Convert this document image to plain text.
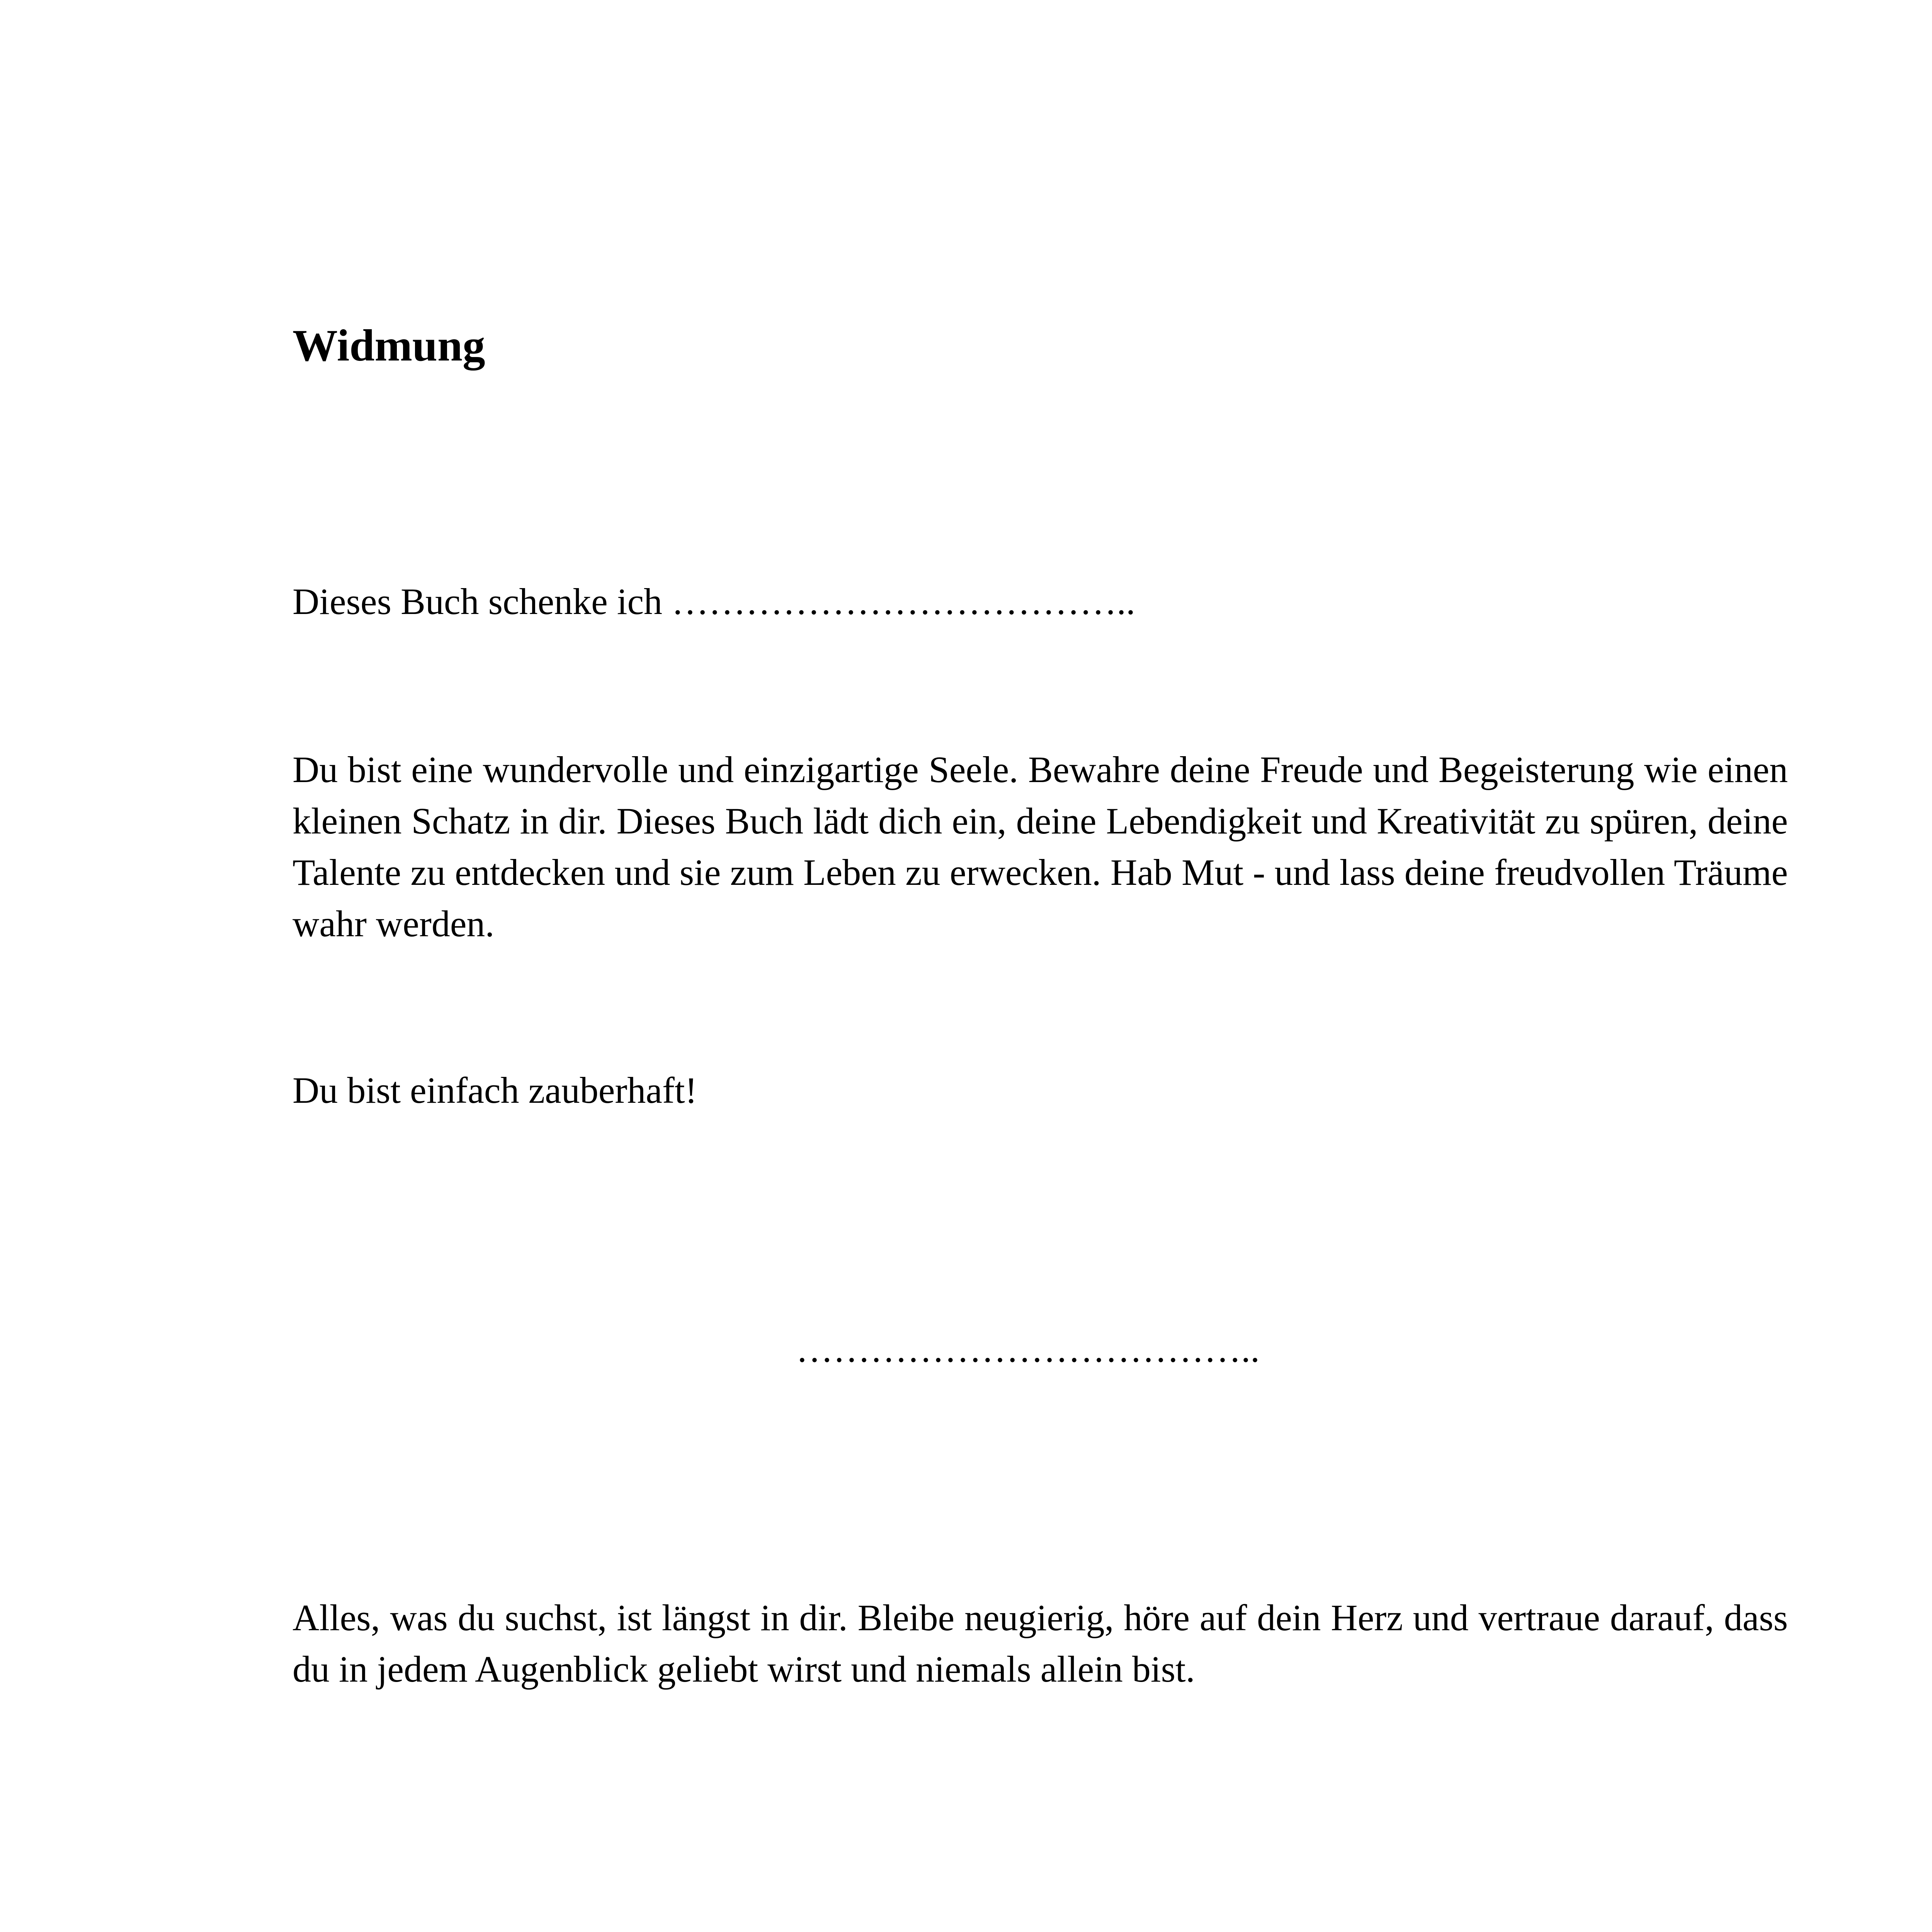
Widmung

Dieses Buch schenke ich ………………………………..

Du bist eine wundervolle und einzigartige Seele. Bewahre deine Freude und Begeisterung wie einen kleinen Schatz in dir. Dieses Buch lädt dich ein, deine Lebendigkeit und Kreativität zu spüren, deine Talente zu entdecken und sie zum Leben zu erwecken. Hab Mut - und lass deine freudvollen Träume wahr werden.

Du bist einfach zauberhaft!

………………………………..

Alles, was du suchst, ist längst in dir. Bleibe neugierig, höre auf dein Herz und vertraue darauf, dass du in jedem Augenblick geliebt wirst und niemals allein bist.
